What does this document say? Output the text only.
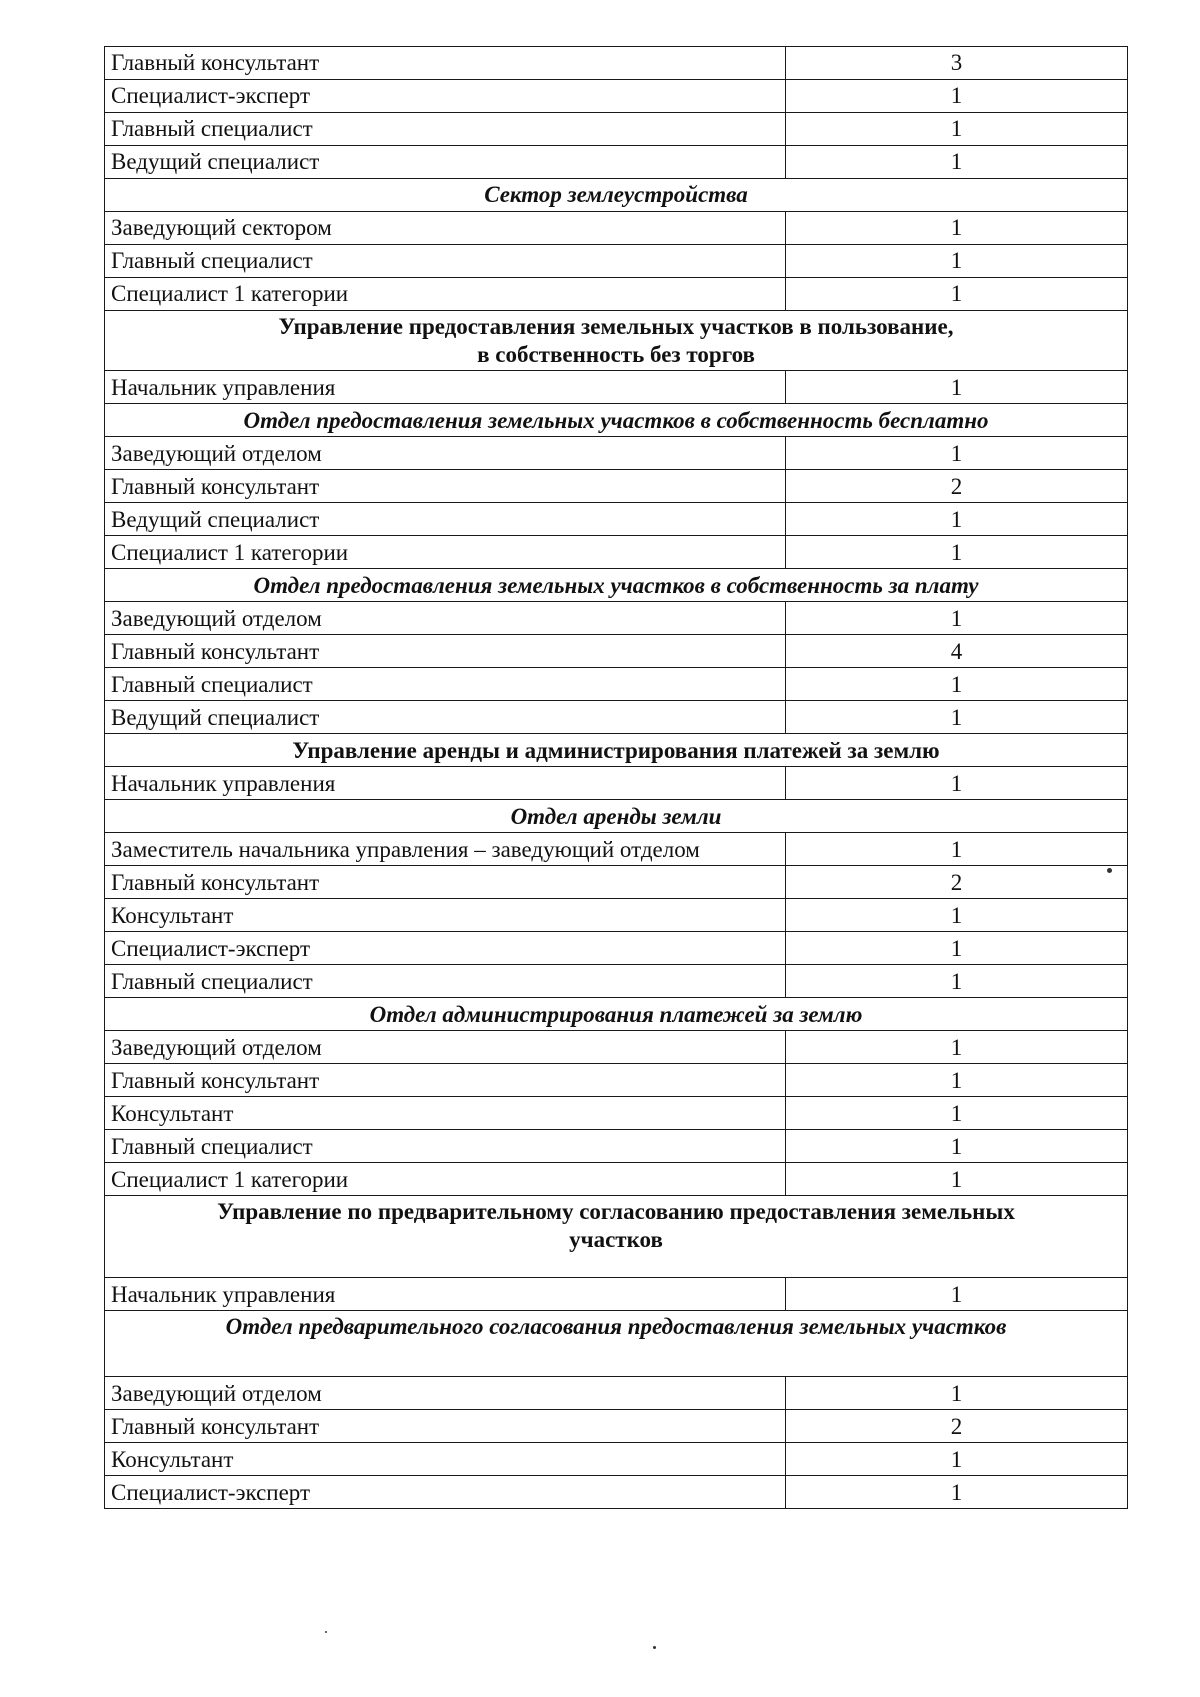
Главный консультант	3
Специалист-эксперт	1
Главный специалист	1
Ведущий специалист	1
Сектор землеустройства	
Заведующий сектором	1
Главный специалист	1
Специалист 1 категории	1

Управление предоставления земельных участков в пользование,
в собственность без торгов	

Начальник управления	1
Отдел предоставления земельных участков в собственность бесплатно	
Заведующий отделом	1
Главный консультант	2
Ведущий специалист	1
Специалист 1 категории	1
Отдел предоставления земельных участков в собственность за плату	
Заведующий отделом	1
Главный консультант	4
Главный специалист	1
Ведущий специалист	1

Управление аренды и администрирования платежей за землю	

Начальник управления	1
Отдел аренды земли	
Заместитель начальника управления – заведующий отделом	1
Главный консультант	2
Консультант	1
Специалист-эксперт	1
Главный специалист	1
Отдел администрирования платежей за землю	
Заведующий отделом	1
Главный консультант	1
Консультант	1
Главный специалист	1
Специалист 1 категории	1

Управление по предварительному согласованию предоставления земельных
участков	

Начальник управления	1
Отдел предварительного согласования предоставления земельных участков	
Заведующий отделом	1
Главный консультант	2
Консультант	1
Специалист-эксперт	1
